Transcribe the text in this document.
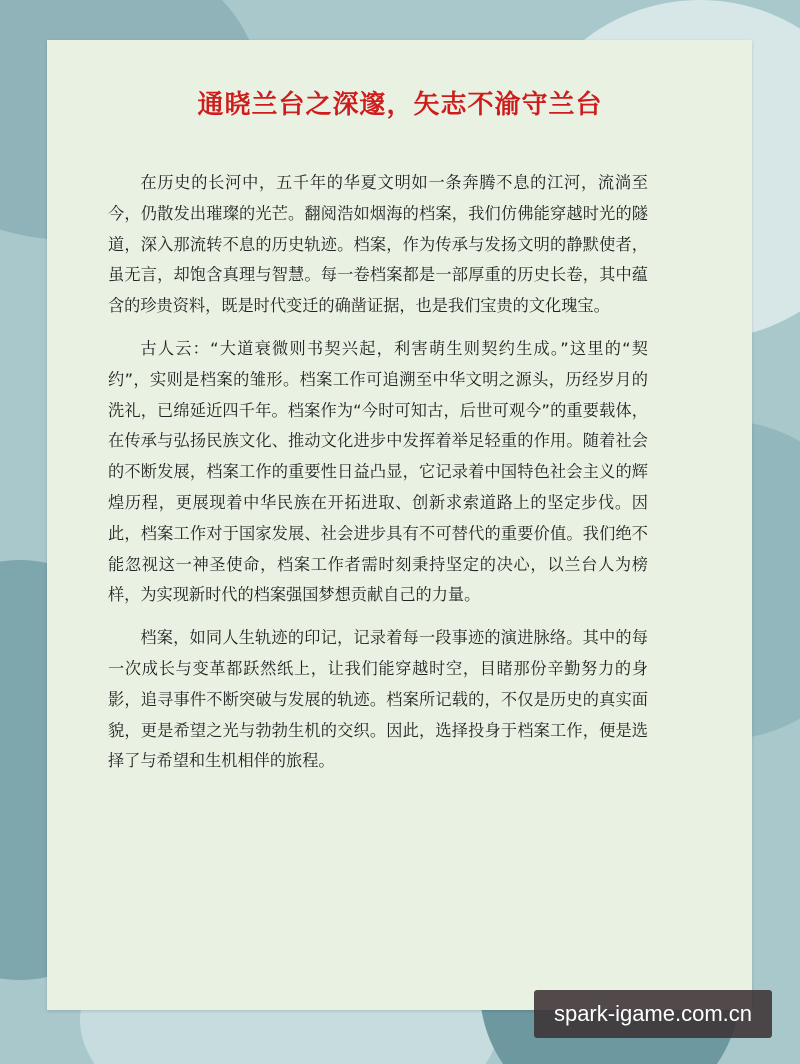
通晓兰台之深邃，矢志不渝守兰台

在历史的长河中，五千年的华夏文明如一条奔腾不息的江河，流淌至今，仍散发出璀璨的光芒。翻阅浩如烟海的档案，我们仿佛能穿越时光的隧道，深入那流转不息的历史轨迹。档案，作为传承与发扬文明的静默使者，虽无言，却饱含真理与智慧。每一卷档案都是一部厚重的历史长卷，其中蕴含的珍贵资料，既是时代变迁的确凿证据，也是我们宝贵的文化瑰宝。

古人云：“大道衰微则书契兴起，利害萌生则契约生成。”这里的“契约”，实则是档案的雏形。档案工作可追溯至中华文明之源头，历经岁月的洗礼，已绵延近四千年。档案作为“今时可知古，后世可观今”的重要载体，在传承与弘扬民族文化、推动文化进步中发挥着举足轻重的作用。随着社会的不断发展，档案工作的重要性日益凸显，它记录着中国特色社会主义的辉煌历程，更展现着中华民族在开拓进取、创新求索道路上的坚定步伐。因此，档案工作对于国家发展、社会进步具有不可替代的重要价值。我们绝不能忽视这一神圣使命，档案工作者需时刻秉持坚定的决心，以兰台人为榜样，为实现新时代的档案强国梦想贡献自己的力量。

档案，如同人生轨迹的印记，记录着每一段事迹的演进脉络。其中的每一次成长与变革都跃然纸上，让我们能穿越时空，目睹那份辛勤努力的身影，追寻事件不断突破与发展的轨迹。档案所记载的，不仅是历史的真实面貌，更是希望之光与勃勃生机的交织。因此，选择投身于档案工作，便是选择了与希望和生机相伴的旅程。

spark-igame.com.cn
